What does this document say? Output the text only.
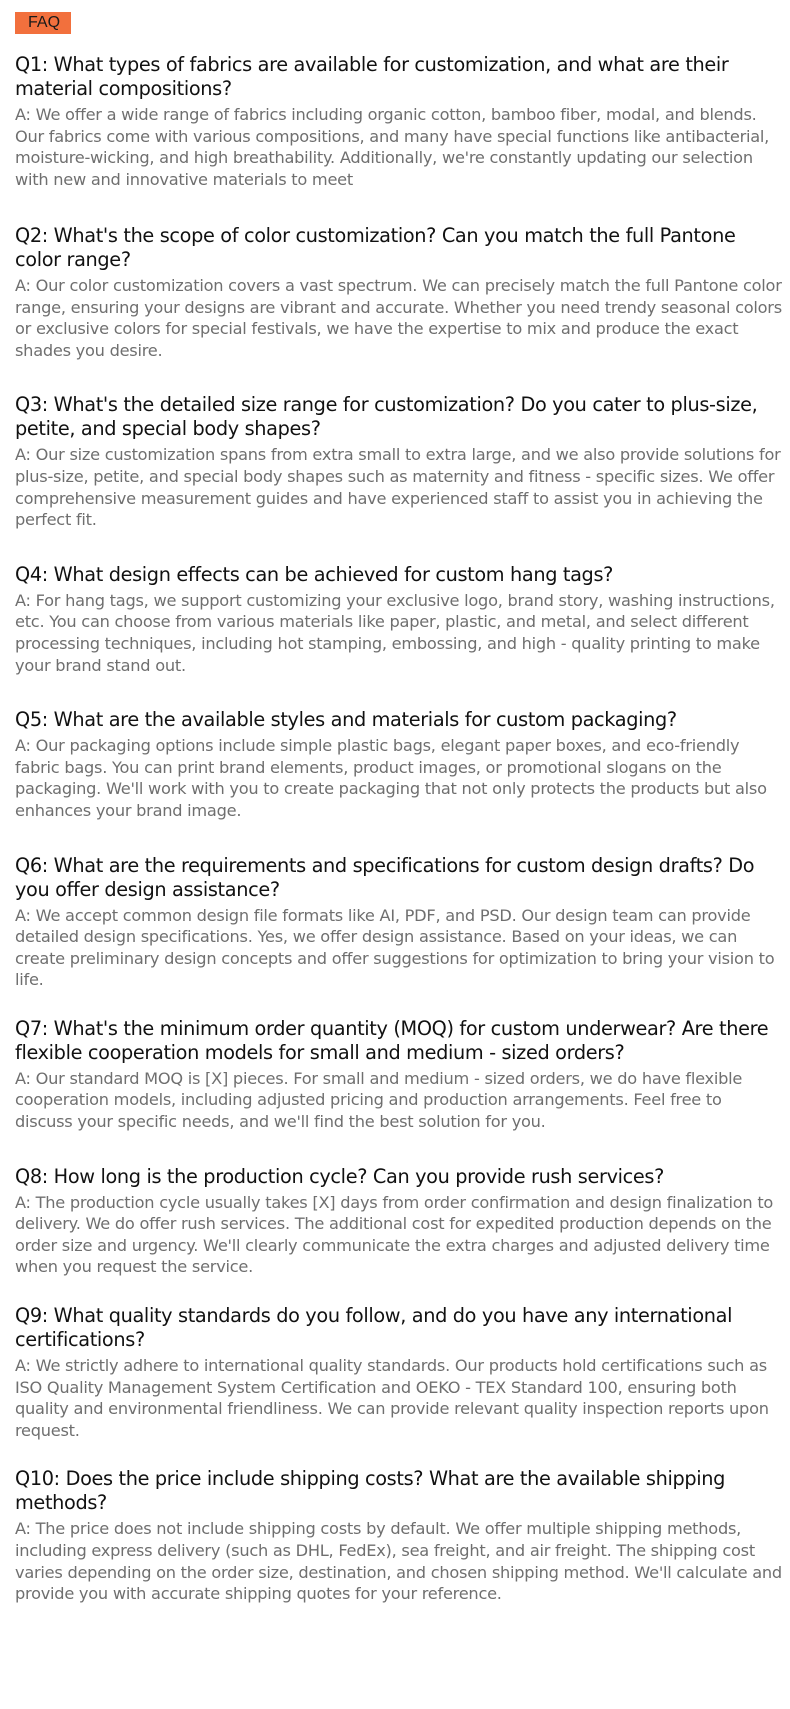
FAQ
Q1: What types of fabrics are available for customization, and what are their material compositions?

A: We offer a wide range of fabrics including organic cotton, bamboo fiber, modal, and blends. Our fabrics come with various compositions, and many have special functions like antibacterial, moisture-wicking, and high breathability. Additionally, we're constantly updating our selection with new and innovative materials to meet

Q2: What's the scope of color customization? Can you match the full Pantone color range?

A: Our color customization covers a vast spectrum. We can precisely match the full Pantone color range, ensuring your designs are vibrant and accurate. Whether you need trendy seasonal colors or exclusive colors for special festivals, we have the expertise to mix and produce the exact shades you desire.

Q3: What's the detailed size range for customization? Do you cater to plus-size, petite, and special body shapes?

A: Our size customization spans from extra small to extra large, and we also provide solutions for plus-size, petite, and special body shapes such as maternity and fitness - specific sizes. We offer comprehensive measurement guides and have experienced staff to assist you in achieving the perfect fit.

Q4: What design effects can be achieved for custom hang tags?

A: For hang tags, we support customizing your exclusive logo, brand story, washing instructions, etc. You can choose from various materials like paper, plastic, and metal, and select different processing techniques, including hot stamping, embossing, and high - quality printing to make your brand stand out.

Q5: What are the available styles and materials for custom packaging?

A: Our packaging options include simple plastic bags, elegant paper boxes, and eco-friendly fabric bags. You can print brand elements, product images, or promotional slogans on the packaging. We'll work with you to create packaging that not only protects the products but also enhances your brand image.

Q6: What are the requirements and specifications for custom design drafts? Do you offer design assistance?

A: We accept common design file formats like AI, PDF, and PSD. Our design team can provide detailed design specifications. Yes, we offer design assistance. Based on your ideas, we can create preliminary design concepts and offer suggestions for optimization to bring your vision to life.

Q7: What's the minimum order quantity (MOQ) for custom underwear? Are there flexible cooperation models for small and medium - sized orders?

A: Our standard MOQ is [X] pieces. For small and medium - sized orders, we do have flexible cooperation models, including adjusted pricing and production arrangements. Feel free to discuss your specific needs, and we'll find the best solution for you.

Q8: How long is the production cycle? Can you provide rush services?

A: The production cycle usually takes [X] days from order confirmation and design finalization to delivery. We do offer rush services. The additional cost for expedited production depends on the order size and urgency. We'll clearly communicate the extra charges and adjusted delivery time when you request the service.

Q9: What quality standards do you follow, and do you have any international certifications?

A: We strictly adhere to international quality standards. Our products hold certifications such as ISO Quality Management System Certification and OEKO - TEX Standard 100, ensuring both quality and environmental friendliness. We can provide relevant quality inspection reports upon request.

Q10: Does the price include shipping costs? What are the available shipping methods?

A: The price does not include shipping costs by default. We offer multiple shipping methods, including express delivery (such as DHL, FedEx), sea freight, and air freight. The shipping cost varies depending on the order size, destination, and chosen shipping method. We'll calculate and provide you with accurate shipping quotes for your reference.
